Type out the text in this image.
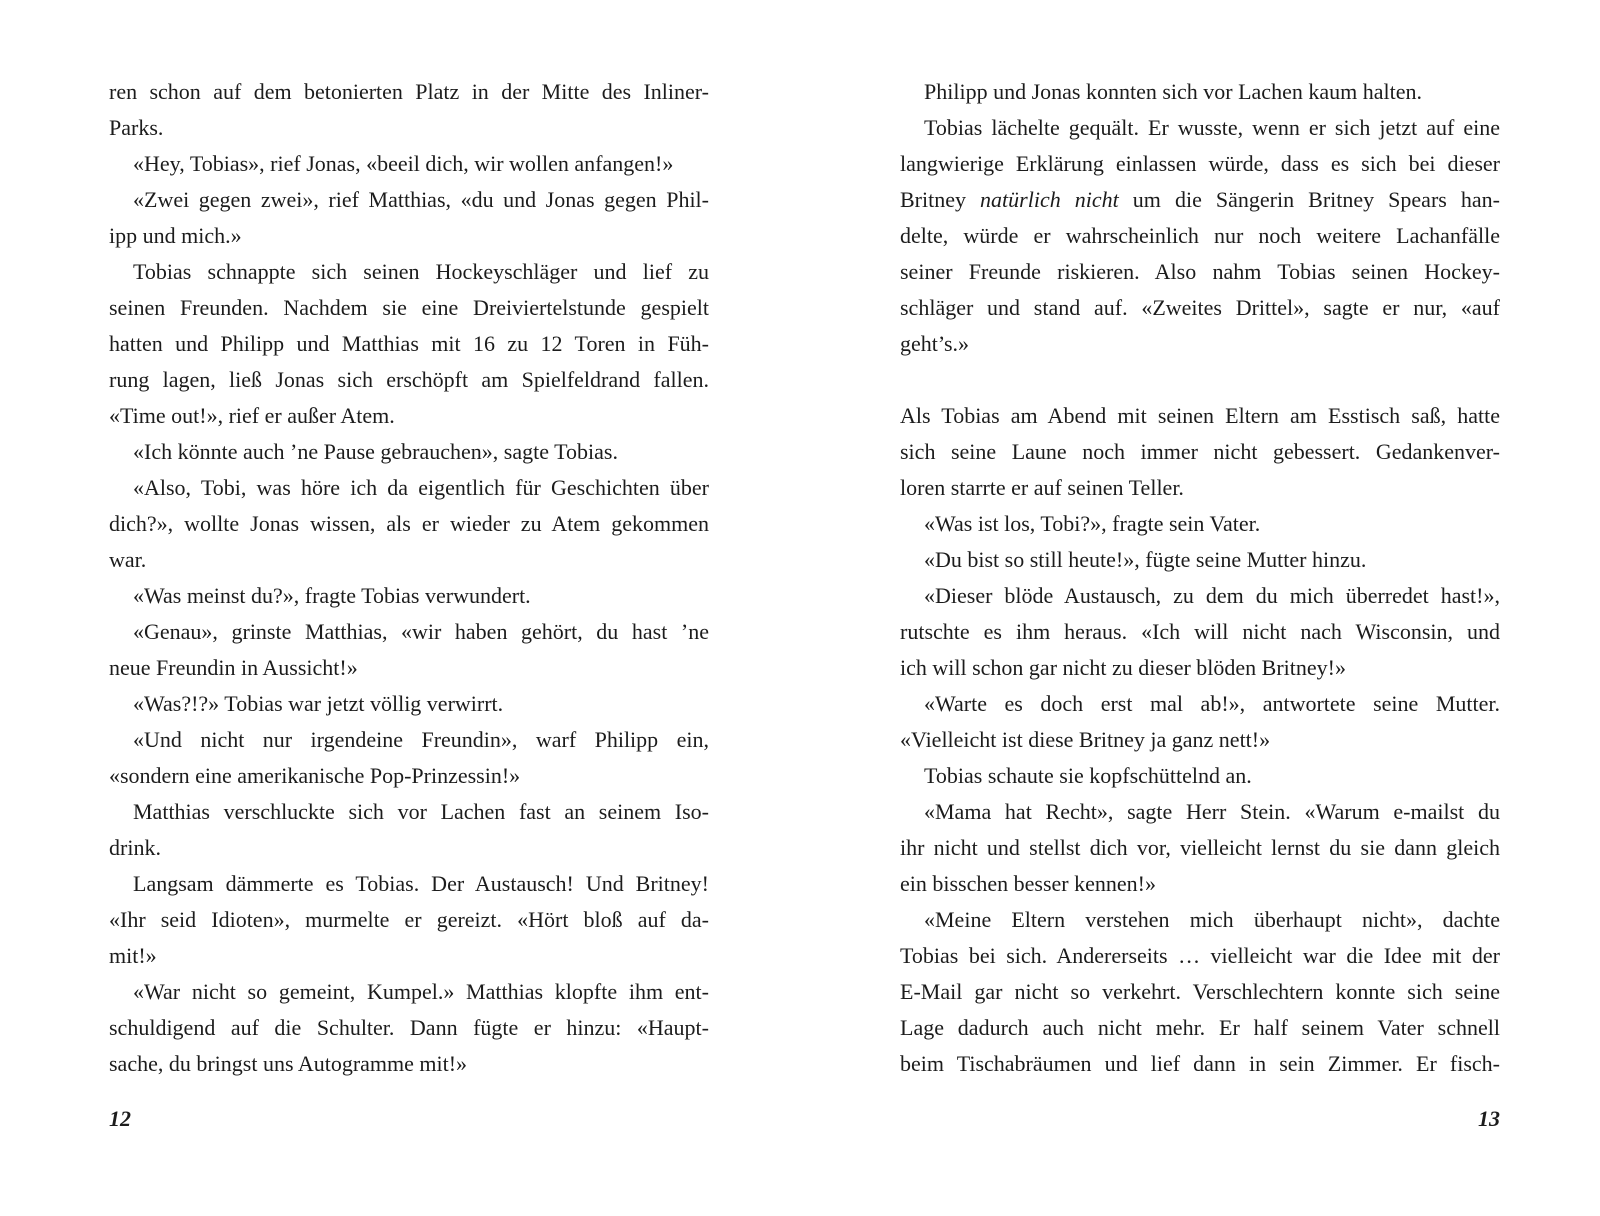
ren schon auf dem betonierten Platz in der Mitte des Inliner-
Parks.
«Hey, Tobias», rief Jonas, «beeil dich, wir wollen anfangen!»
«Zwei gegen zwei», rief Matthias, «du und Jonas gegen Phil-
ipp und mich.»
Tobias schnappte sich seinen Hockeyschläger und lief zu
seinen Freunden. Nachdem sie eine Dreiviertelstunde gespielt
hatten und Philipp und Matthias mit 16 zu 12 Toren in Füh-
rung lagen, ließ Jonas sich erschöpft am Spielfeldrand fallen.
«Time out!», rief er außer Atem.
«Ich könnte auch ’ne Pause gebrauchen», sagte Tobias.
«Also, Tobi, was höre ich da eigentlich für Geschichten über
dich?», wollte Jonas wissen, als er wieder zu Atem gekommen
war.
«Was meinst du?», fragte Tobias verwundert.
«Genau», grinste Matthias, «wir haben gehört, du hast ’ne
neue Freundin in Aussicht!»
«Was?!?» Tobias war jetzt völlig verwirrt.
«Und nicht nur irgendeine Freundin», warf Philipp ein,
«sondern eine amerikanische Pop-Prinzessin!»
Matthias verschluckte sich vor Lachen fast an seinem Iso-
drink.
Langsam dämmerte es Tobias. Der Austausch! Und Britney!
«Ihr seid Idioten», murmelte er gereizt. «Hört bloß auf da-
mit!»
«War nicht so gemeint, Kumpel.» Matthias klopfte ihm ent-
schuldigend auf die Schulter. Dann fügte er hinzu: «Haupt-
sache, du bringst uns Autogramme mit!»
Philipp und Jonas konnten sich vor Lachen kaum halten.
Tobias lächelte gequält. Er wusste, wenn er sich jetzt auf eine
langwierige Erklärung einlassen würde, dass es sich bei dieser
Britney natürlich nicht um die Sängerin Britney Spears han-
delte, würde er wahrscheinlich nur noch weitere Lachanfälle
seiner Freunde riskieren. Also nahm Tobias seinen Hockey-
schläger und stand auf. «Zweites Drittel», sagte er nur, «auf
geht’s.»
Als Tobias am Abend mit seinen Eltern am Esstisch saß, hatte
sich seine Laune noch immer nicht gebessert. Gedankenver-
loren starrte er auf seinen Teller.
«Was ist los, Tobi?», fragte sein Vater.
«Du bist so still heute!», fügte seine Mutter hinzu.
«Dieser blöde Austausch, zu dem du mich überredet hast!»,
rutschte es ihm heraus. «Ich will nicht nach Wisconsin, und
ich will schon gar nicht zu dieser blöden Britney!»
«Warte es doch erst mal ab!», antwortete seine Mutter.
«Vielleicht ist diese Britney ja ganz nett!»
Tobias schaute sie kopfschüttelnd an.
«Mama hat Recht», sagte Herr Stein. «Warum e-mailst du
ihr nicht und stellst dich vor, vielleicht lernst du sie dann gleich
ein bisschen besser kennen!»
«Meine Eltern verstehen mich überhaupt nicht», dachte
Tobias bei sich. Andererseits … vielleicht war die Idee mit der
E-Mail gar nicht so verkehrt. Verschlechtern konnte sich seine
Lage dadurch auch nicht mehr. Er half seinem Vater schnell
beim Tischabräumen und lief dann in sein Zimmer. Er fisch-
12	13
